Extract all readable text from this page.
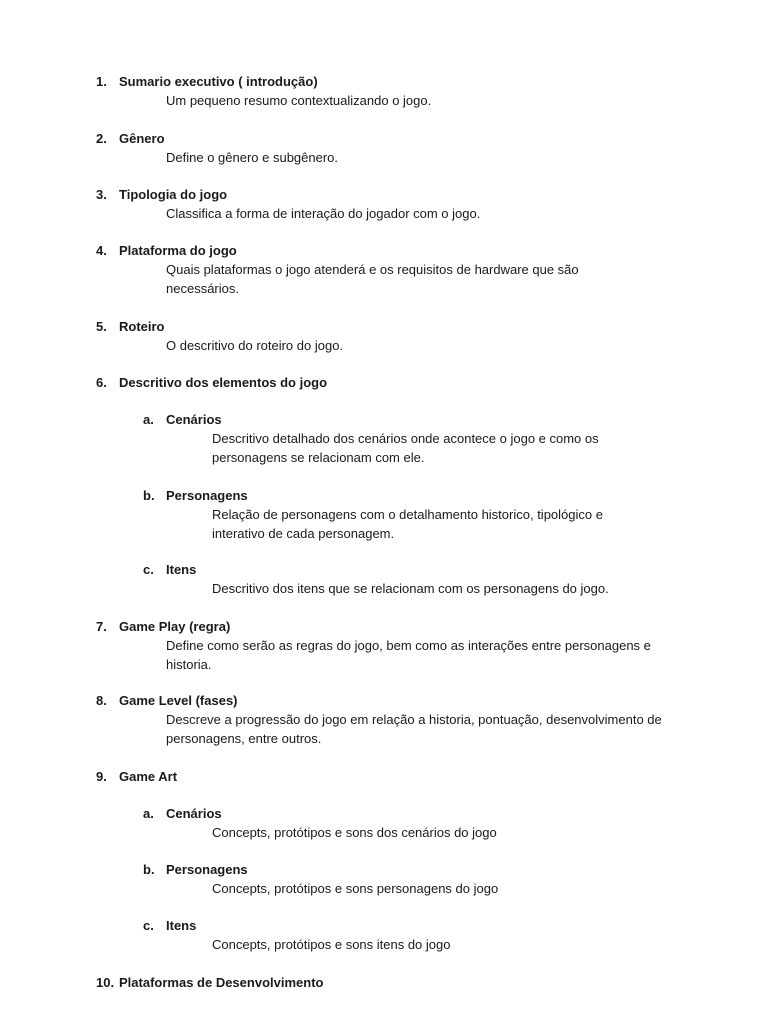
1. Sumario executivo ( introdução)
Um pequeno resumo contextualizando o jogo.
2. Gênero
Define o gênero e subgênero.
3. Tipologia do jogo
Classifica a forma de interação do jogador com o jogo.
4. Plataforma do jogo
Quais plataformas o jogo atenderá e os requisitos de hardware que são necessários.
5. Roteiro
O descritivo do roteiro do jogo.
6. Descritivo dos elementos do jogo
a. Cenários
Descritivo detalhado dos cenários onde acontece o jogo e como os personagens se relacionam com ele.
b. Personagens
Relação de personagens com o detalhamento historico, tipológico e interativo de cada personagem.
c. Itens
Descritivo dos itens que se relacionam com os personagens do jogo.
7. Game Play (regra)
Define como serão as regras do jogo, bem como as interações entre personagens e historia.
8. Game Level (fases)
Descreve a progressão do jogo em relação a historia, pontuação, desenvolvimento de personagens, entre outros.
9. Game Art
a. Cenários
Concepts, protótipos e sons dos cenários do jogo
b. Personagens
Concepts, protótipos e sons personagens do jogo
c. Itens
Concepts, protótipos e sons itens do jogo
10. Plataformas de Desenvolvimento
